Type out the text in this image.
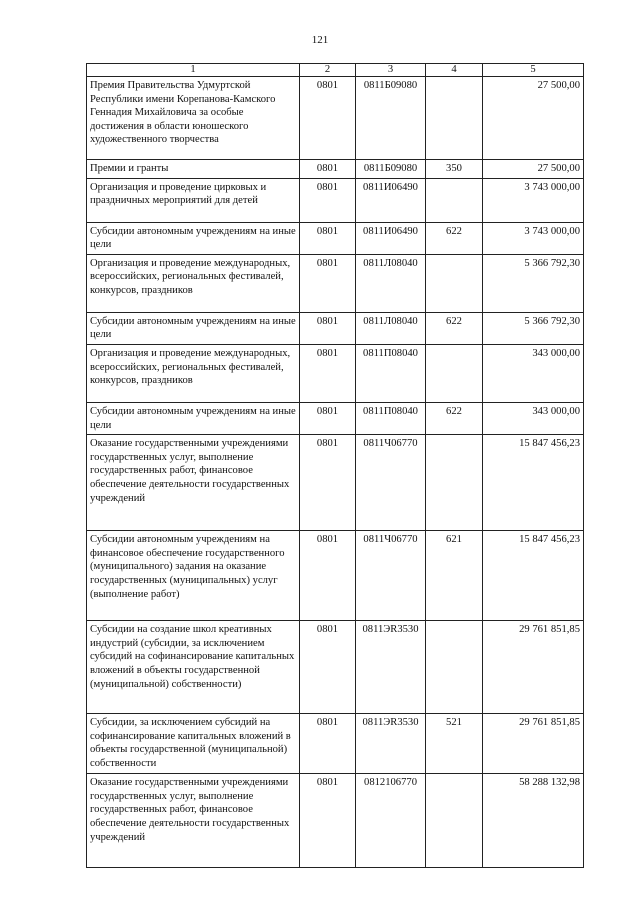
121
1	2	3	4	5
Премия Правительства Удмуртской Республики имени Корепанова-Камского Геннадия Михайловича за особые достижения в области юношеского художественного творчества	0801	0811Б09080		27 500,00
Премии и гранты	0801	0811Б09080	350	27 500,00
Организация и проведение цирковых и праздничных мероприятий для детей	0801	0811И06490		3 743 000,00
Субсидии автономным учреждениям на иные цели	0801	0811И06490	622	3 743 000,00
Организация и проведение международных, всероссийских, региональных фестивалей, конкурсов, праздников	0801	0811Л08040		5 366 792,30
Субсидии автономным учреждениям на иные цели	0801	0811Л08040	622	5 366 792,30
Организация и проведение международных, всероссийских, региональных фестивалей, конкурсов, праздников	0801	0811П08040		343 000,00
Субсидии автономным учреждениям на иные цели	0801	0811П08040	622	343 000,00
Оказание государственными учреждениями государственных услуг, выполнение государственных работ, финансовое обеспечение деятельности государственных учреждений	0801	0811Ч06770		15 847 456,23
Субсидии автономным учреждениям на финансовое обеспечение государственного (муниципального) задания на оказание государственных (муниципальных) услуг (выполнение работ)	0801	0811Ч06770	621	15 847 456,23
Субсидии на создание школ креативных индустрий (субсидии, за исключением субсидий на софинансирование капитальных вложений в объекты государственной (муниципальной) собственности)	0801	0811ЭR3530		29 761 851,85
Субсидии, за исключением субсидий на софинансирование капитальных вложений в объекты государственной (муниципальной) собственности	0801	0811ЭR3530	521	29 761 851,85
Оказание государственными учреждениями государственных услуг, выполнение государственных работ, финансовое обеспечение деятельности государственных учреждений	0801	0812106770		58 288 132,98
